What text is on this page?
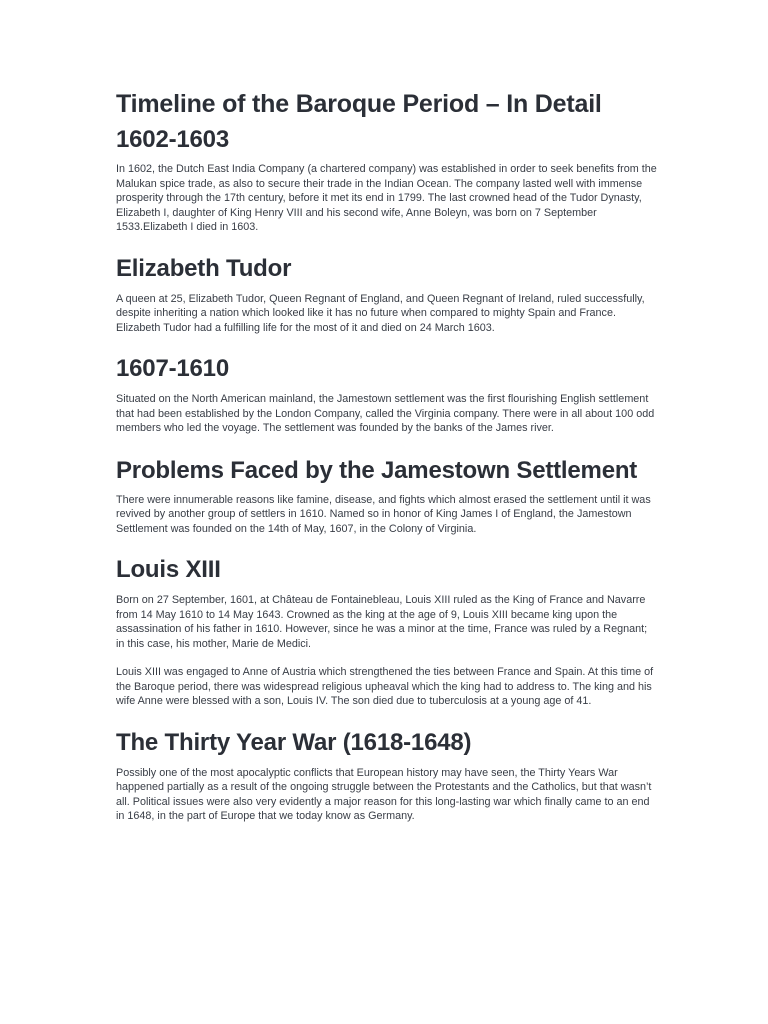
Timeline of the Baroque Period – In Detail
1602-1603

In 1602, the Dutch East India Company (a chartered company) was established in order to seek benefits from the Malukan spice trade, as also to secure their trade in the Indian Ocean. The company lasted well with immense prosperity through the 17th century, before it met its end in 1799. The last crowned head of the Tudor Dynasty, Elizabeth I, daughter of King Henry VIII and his second wife, Anne Boleyn, was born on 7 September 1533.Elizabeth I died in 1603.

Elizabeth Tudor

A queen at 25, Elizabeth Tudor, Queen Regnant of England, and Queen Regnant of Ireland, ruled successfully, despite inheriting a nation which looked like it has no future when compared to mighty Spain and France. Elizabeth Tudor had a fulfilling life for the most of it and died on 24 March 1603.

1607-1610

Situated on the North American mainland, the Jamestown settlement was the first flourishing English settlement that had been established by the London Company, called the Virginia company. There were in all about 100 odd members who led the voyage. The settlement was founded by the banks of the James river.

Problems Faced by the Jamestown Settlement

There were innumerable reasons like famine, disease, and fights which almost erased the settlement until it was revived by another group of settlers in 1610. Named so in honor of King James I of England, the Jamestown Settlement was founded on the 14th of May, 1607, in the Colony of Virginia.

Louis XIII

Born on 27 September, 1601, at Château de Fontainebleau, Louis XIII ruled as the King of France and Navarre from 14 May 1610 to 14 May 1643. Crowned as the king at the age of 9, Louis XIII became king upon the assassination of his father in 1610. However, since he was a minor at the time, France was ruled by a Regnant; in this case, his mother, Marie de Medici.

Louis XIII was engaged to Anne of Austria which strengthened the ties between France and Spain. At this time of the Baroque period, there was widespread religious upheaval which the king had to address to. The king and his wife Anne were blessed with a son, Louis IV. The son died due to tuberculosis at a young age of 41.

The Thirty Year War (1618-1648)

Possibly one of the most apocalyptic conflicts that European history may have seen, the Thirty Years War happened partially as a result of the ongoing struggle between the Protestants and the Catholics, but that wasn’t all. Political issues were also very evidently a major reason for this long-lasting war which finally came to an end in 1648, in the part of Europe that we today know as Germany.
